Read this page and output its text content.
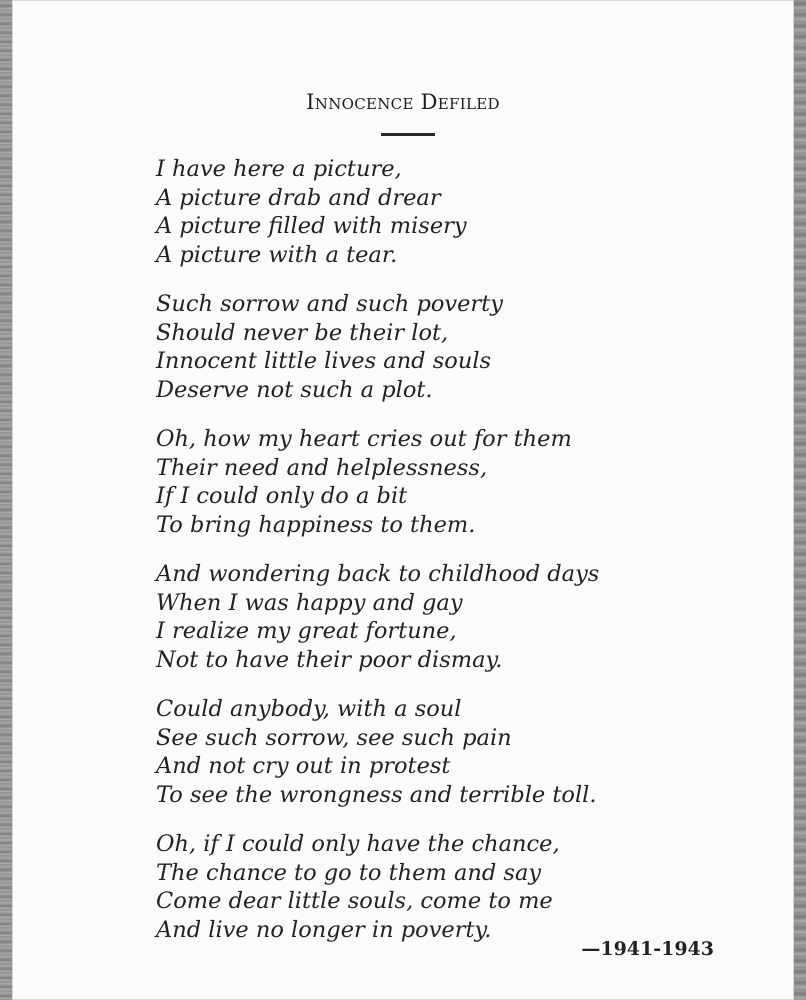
Innocence Defiled
I have here a picture,
A picture drab and drear
A picture filled with misery
A picture with a tear.
Such sorrow and such poverty
Should never be their lot,
Innocent little lives and souls
Deserve not such a plot.
Oh, how my heart cries out for them
Their need and helplessness,
If I could only do a bit
To bring happiness to them.
And wondering back to childhood days
When I was happy and gay
I realize my great fortune,
Not to have their poor dismay.
Could anybody, with a soul
See such sorrow, see such pain
And not cry out in protest
To see the wrongness and terrible toll.
Oh, if I could only have the chance,
The chance to go to them and say
Come dear little souls, come to me
And live no longer in poverty.
—1941-1943
